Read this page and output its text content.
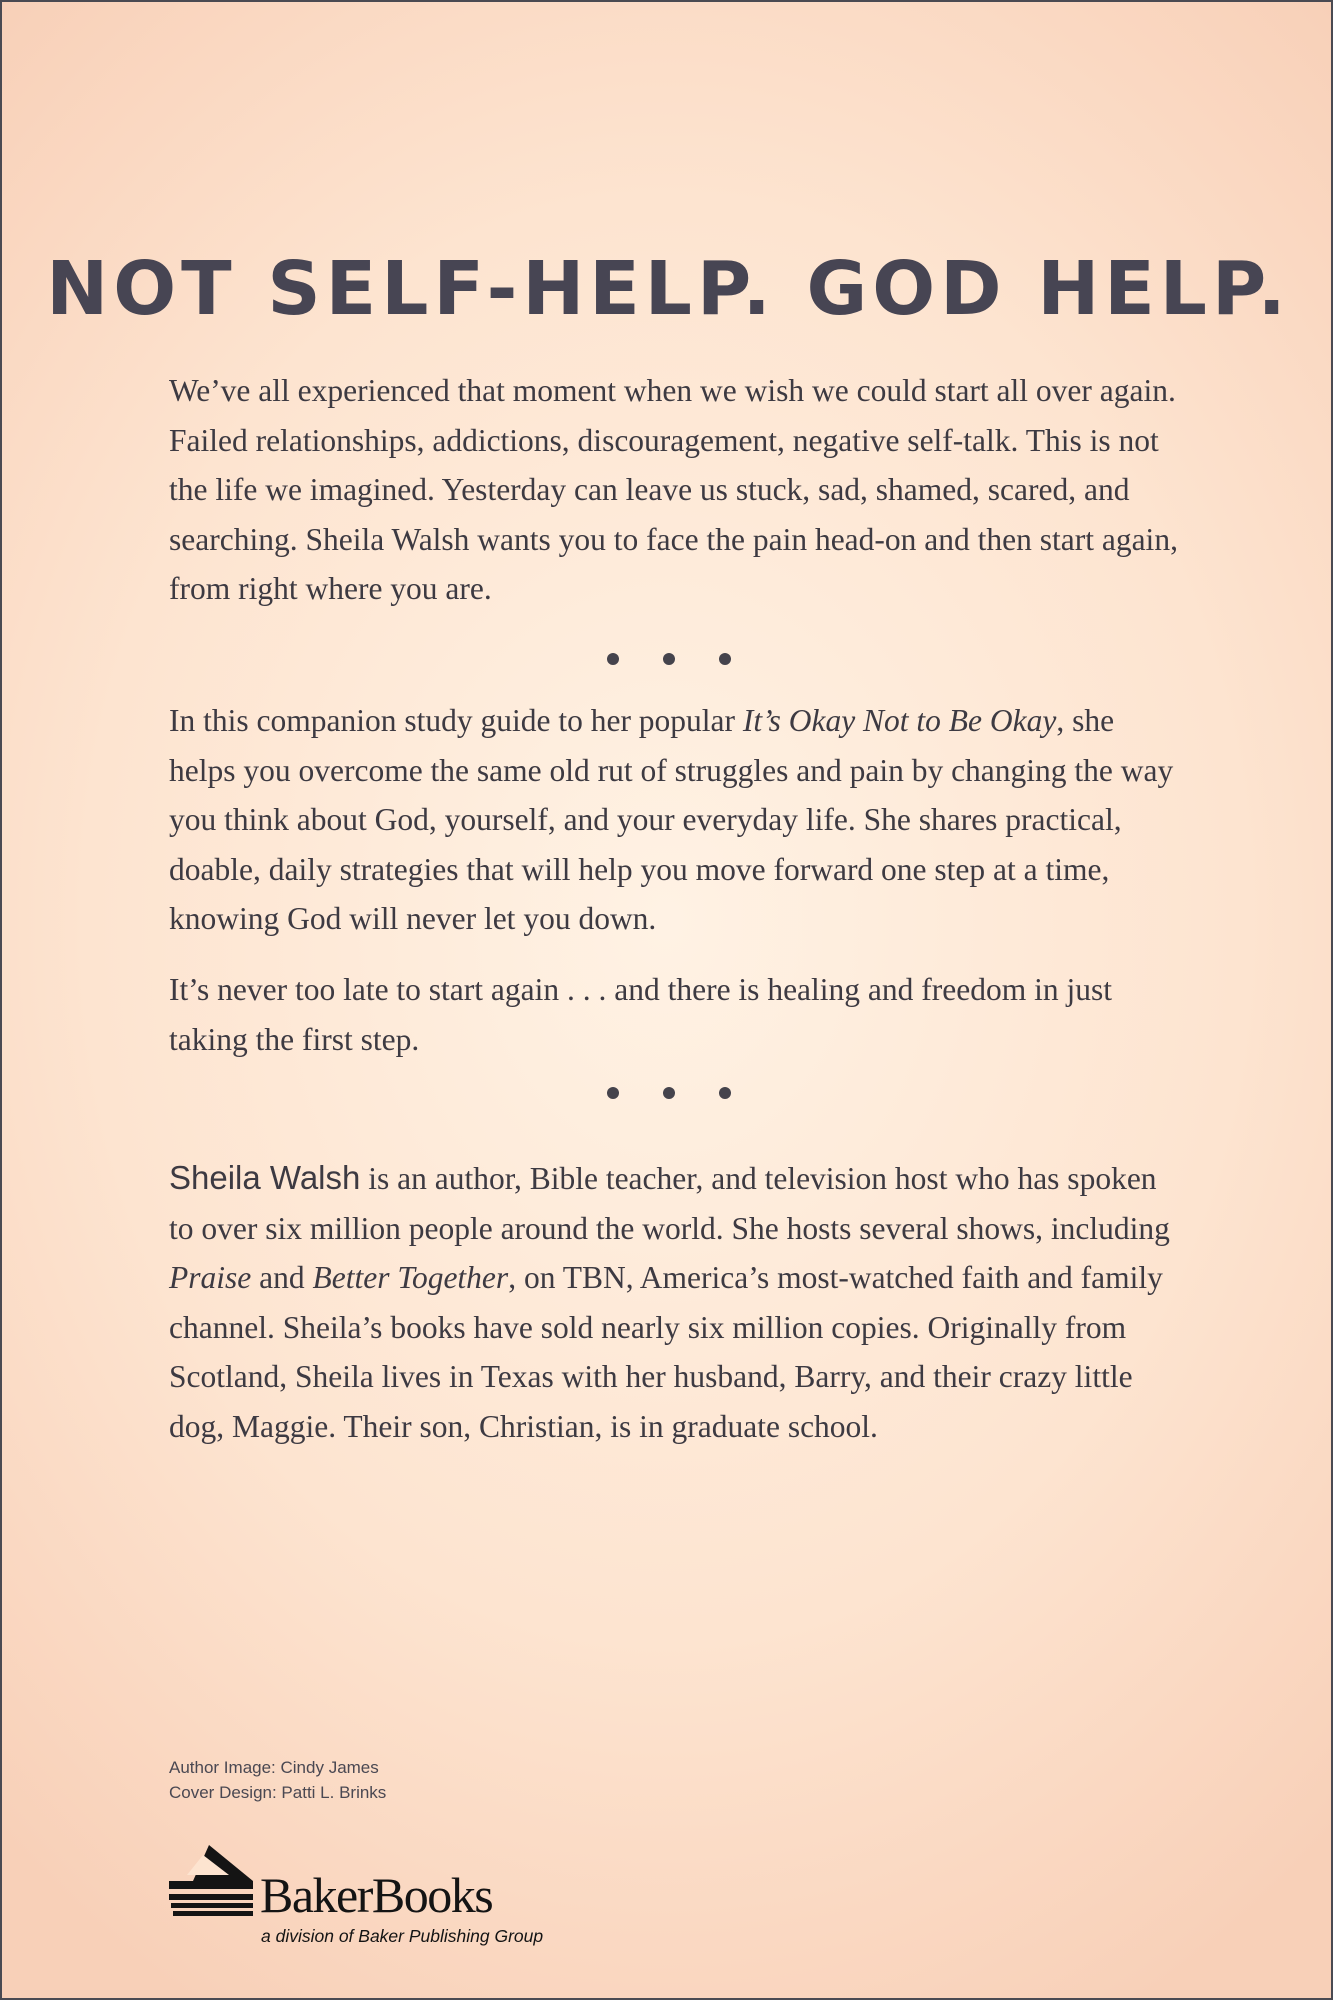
NOT SELF-HELP. GOD HELP.

We’ve all experienced that moment when we wish we could start all over again. Failed relationships, addictions, discouragement, negative self-talk. This is not the life we imagined. Yesterday can leave us stuck, sad, shamed, scared, and searching. Sheila Walsh wants you to face the pain head-on and then start again, from right where you are.

In this companion study guide to her popular It’s Okay Not to Be Okay, she helps you overcome the same old rut of struggles and pain by changing the way you think about God, yourself, and your everyday life. She shares practical, doable, daily strategies that will help you move forward one step at a time, knowing God will never let you down.

It’s never too late to start again . . . and there is healing and freedom in just taking the first step.

Sheila Walsh is an author, Bible teacher, and television host who has spoken to over six million people around the world. She hosts several shows, including Praise and Better Together, on TBN, America’s most-watched faith and family channel. Sheila’s books have sold nearly six million copies. Originally from Scotland, Sheila lives in Texas with her husband, Barry, and their crazy little dog, Maggie. Their son, Christian, is in graduate school.

Author Image: Cindy James

Cover Design: Patti L. Brinks

BakerBooks

a division of Baker Publishing Group
